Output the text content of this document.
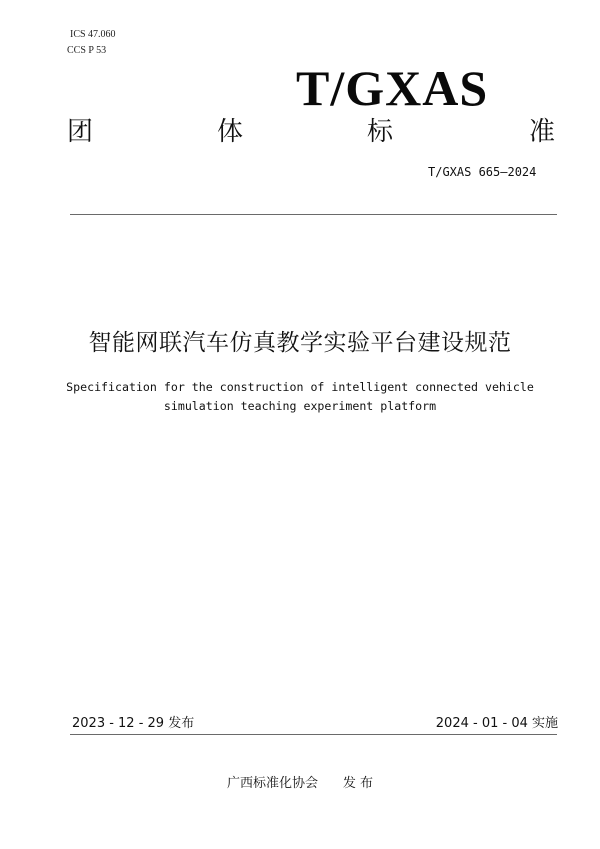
ICS 47.060
CCS P 53
T/GXAS
团	体	标	准
T/GXAS 665—2024
智能网联汽车仿真教学实验平台建设规范
Specification for the construction of intelligent connected vehicle
simulation teaching experiment platform
2023 - 12 - 29 发布	2024 - 01 - 04 实施
广西标准化协会 发 布
